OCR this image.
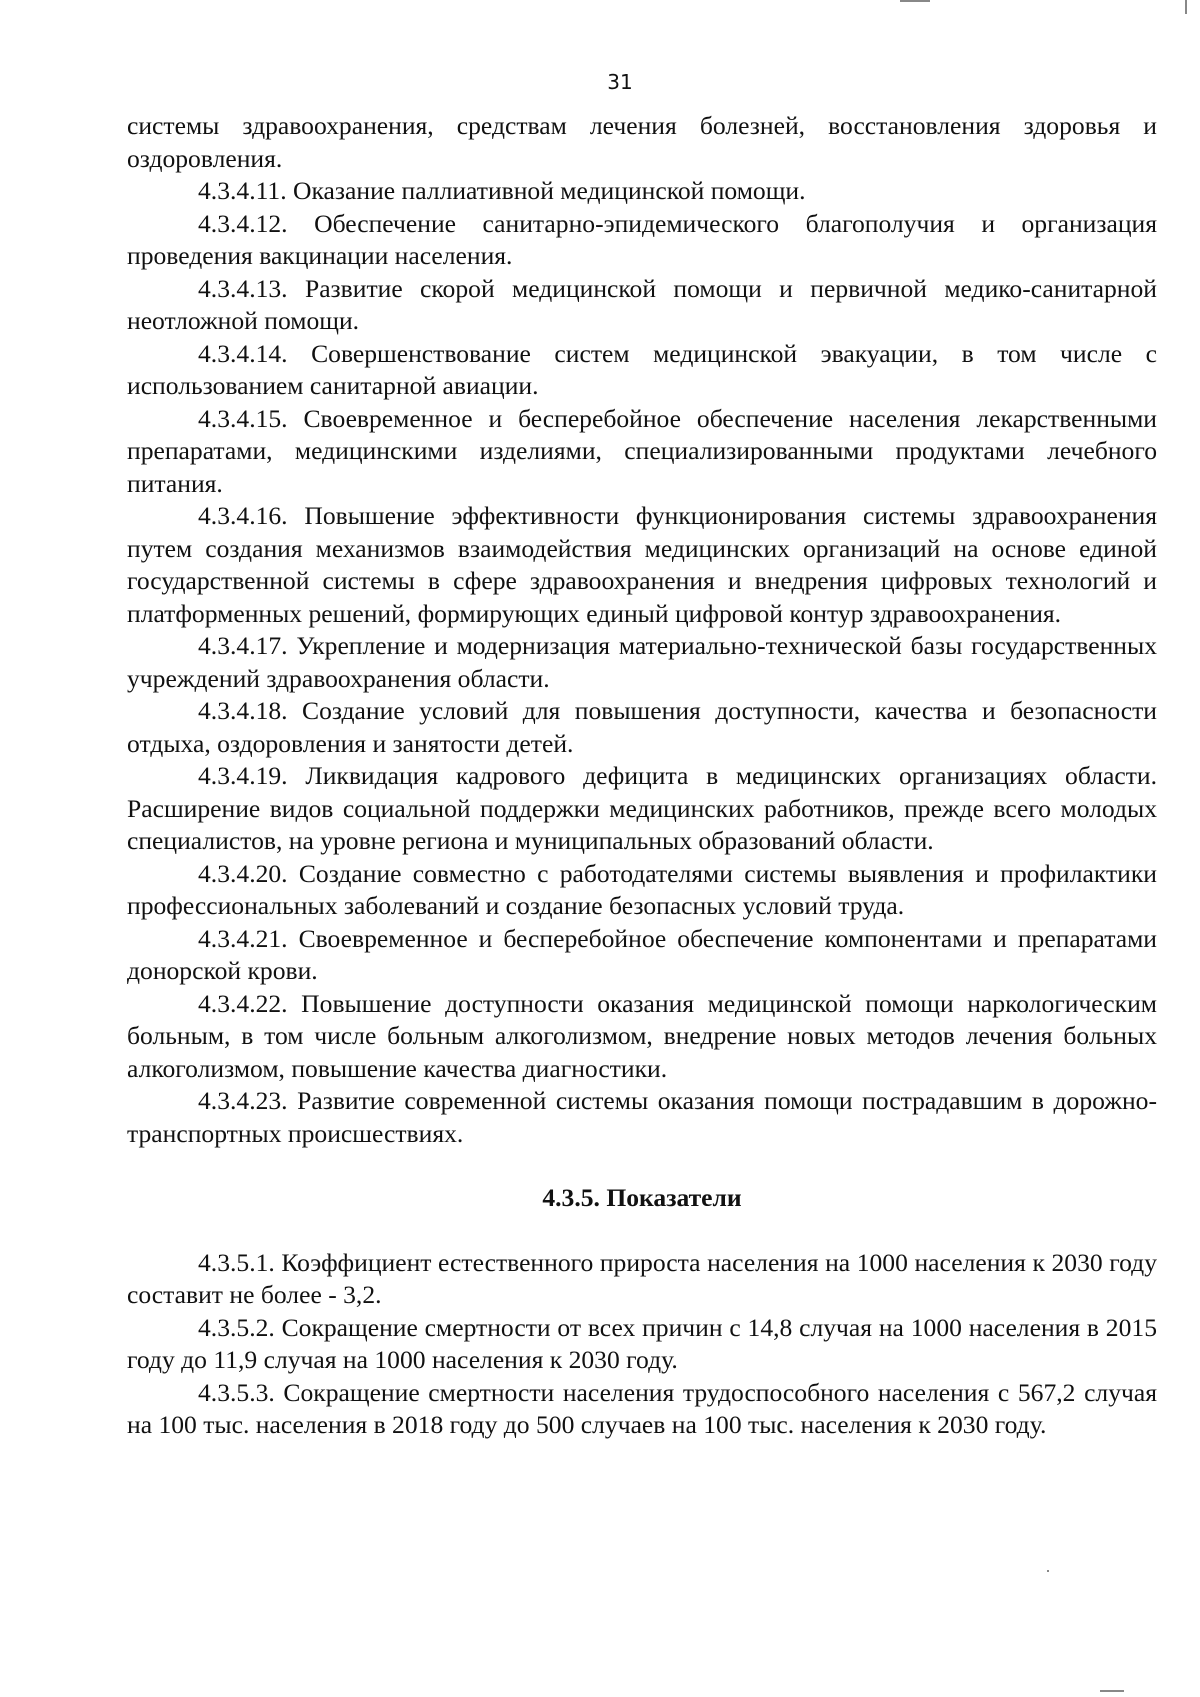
31

системы здравоохранения, средствам лечения болезней, восстановления здоровья и оздоровления.

4.3.4.11. Оказание паллиативной медицинской помощи.

4.3.4.12. Обеспечение санитарно-эпидемического благополучия и организация проведения вакцинации населения.

4.3.4.13. Развитие скорой медицинской помощи и первичной медико-санитарной неотложной помощи.

4.3.4.14. Совершенствование систем медицинской эвакуации, в том числе с использованием санитарной авиации.

4.3.4.15. Своевременное и бесперебойное обеспечение населения лекарственными препаратами, медицинскими изделиями, специализированными продуктами лечебного питания.

4.3.4.16. Повышение эффективности функционирования системы здравоохранения путем создания механизмов взаимодействия медицинских организаций на основе единой государственной системы в сфере здравоохранения и внедрения цифровых технологий и платформенных решений, формирующих единый цифровой контур здравоохранения.

4.3.4.17. Укрепление и модернизация материально-технической базы государственных учреждений здравоохранения области.

4.3.4.18. Создание условий для повышения доступности, качества и безопасности отдыха, оздоровления и занятости детей.

4.3.4.19. Ликвидация кадрового дефицита в медицинских организациях области. Расширение видов социальной поддержки медицинских работников, прежде всего молодых специалистов, на уровне региона и муниципальных образований области.

4.3.4.20. Создание совместно с работодателями системы выявления и профилактики профессиональных заболеваний и создание безопасных условий труда.

4.3.4.21. Своевременное и бесперебойное обеспечение компонентами и препаратами донорской крови.

4.3.4.22. Повышение доступности оказания медицинской помощи наркологическим больным, в том числе больным алкоголизмом, внедрение новых методов лечения больных алкоголизмом, повышение качества диагностики.

4.3.4.23. Развитие современной системы оказания помощи пострадавшим в дорожно-транспортных происшествиях.

4.3.5. Показатели

4.3.5.1. Коэффициент естественного прироста населения на 1000 населения к 2030 году составит не более - 3,2.

4.3.5.2. Сокращение смертности от всех причин с 14,8 случая на 1000 населения в 2015 году до 11,9 случая на 1000 населения к 2030 году.

4.3.5.3. Сокращение смертности населения трудоспособного населения с 567,2 случая на 100 тыс. населения в 2018 году до 500 случаев на 100 тыс. населения к 2030 году.
